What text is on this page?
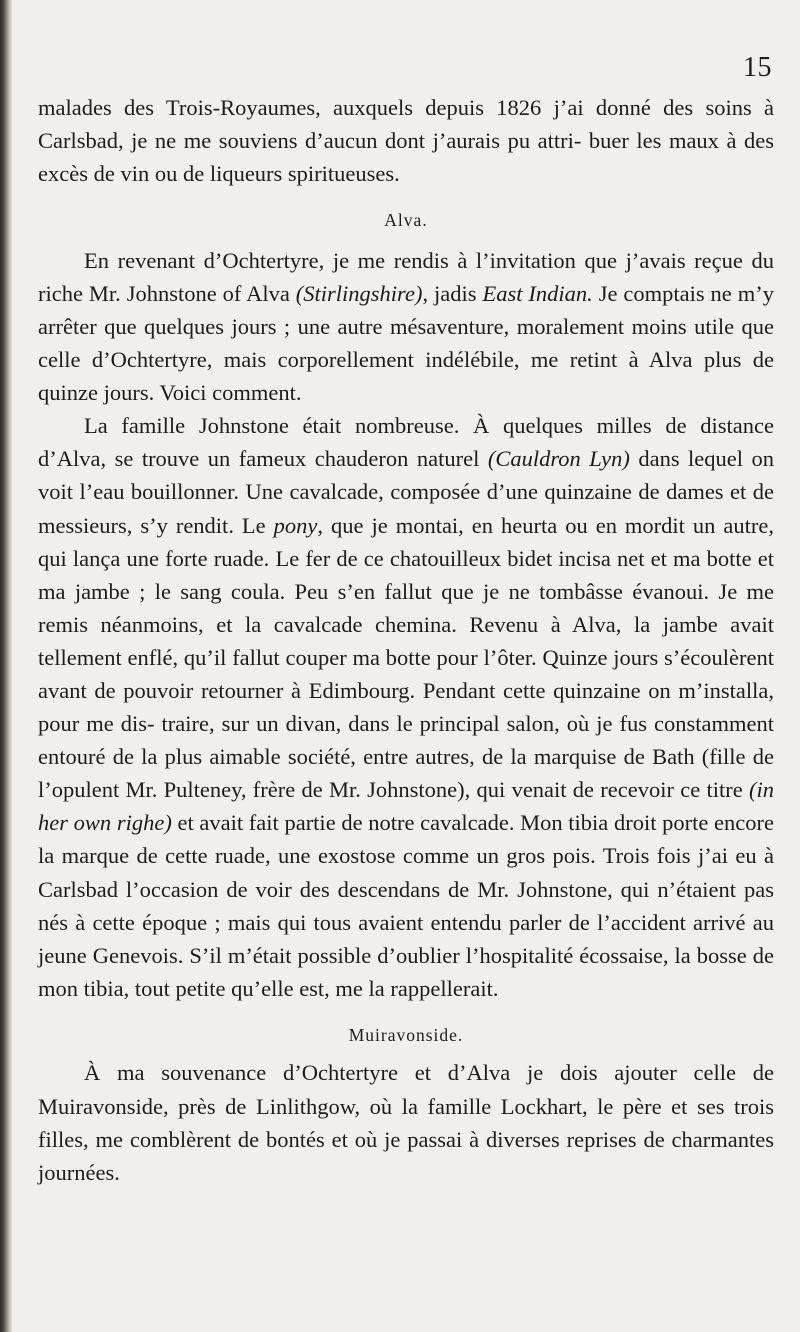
15

malades des Trois-Royaumes, auxquels depuis 1826 j’ai donné des soins à Carlsbad, je ne me souviens d’aucun dont j’aurais pu attri- buer les maux à des excès de vin ou de liqueurs spiritueuses.

Alva.

En revenant d’Ochtertyre, je me rendis à l’invitation que j’avais reçue du riche Mr. Johnstone of Alva (Stirlingshire), jadis East Indian. Je comptais ne m’y arrêter que quelques jours ; une autre mésaventure, moralement moins utile que celle d’Ochtertyre, mais corporellement indélébile, me retint à Alva plus de quinze jours. Voici comment.

La famille Johnstone était nombreuse. À quelques milles de distance d’Alva, se trouve un fameux chauderon naturel (Cauldron Lyn) dans lequel on voit l’eau bouillonner. Une cavalcade, composée d’une quinzaine de dames et de messieurs, s’y rendit. Le pony, que je montai, en heurta ou en mordit un autre, qui lança une forte ruade. Le fer de ce chatouilleux bidet incisa net et ma botte et ma jambe ; le sang coula. Peu s’en fallut que je ne tombâsse évanoui. Je me remis néanmoins, et la cavalcade chemina. Revenu à Alva, la jambe avait tellement enflé, qu’il fallut couper ma botte pour l’ôter. Quinze jours s’écoulèrent avant de pouvoir retourner à Edimbourg. Pendant cette quinzaine on m’installa, pour me dis- traire, sur un divan, dans le principal salon, où je fus constamment entouré de la plus aimable société, entre autres, de la marquise de Bath (fille de l’opulent Mr. Pulteney, frère de Mr. Johnstone), qui venait de recevoir ce titre (in her own righe) et avait fait partie de notre cavalcade. Mon tibia droit porte encore la marque de cette ruade, une exostose comme un gros pois. Trois fois j’ai eu à Carlsbad l’occasion de voir des descendans de Mr. Johnstone, qui n’étaient pas nés à cette époque ; mais qui tous avaient entendu parler de l’accident arrivé au jeune Genevois. S’il m’était possible d’oublier l’hospitalité écossaise, la bosse de mon tibia, tout petite qu’elle est, me la rappellerait.

Muiravonside.

À ma souvenance d’Ochtertyre et d’Alva je dois ajouter celle de Muiravonside, près de Linlithgow, où la famille Lockhart, le père et ses trois filles, me comblèrent de bontés et où je passai à diverses reprises de charmantes journées.
